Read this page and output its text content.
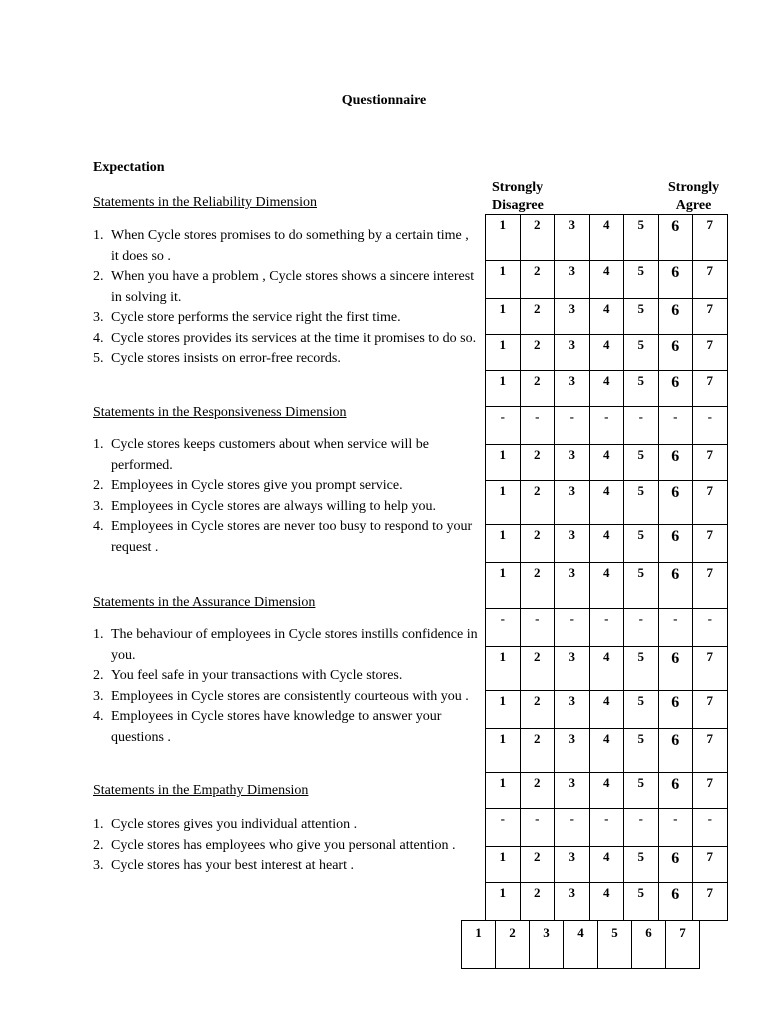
Questionnaire
Expectation
Statements in the Reliability Dimension
1. When Cycle stores promises to do something by a certain time , it does so .
2. When you have a problem , Cycle stores shows a sincere interest in solving it.
3. Cycle store performs the service right the first time.
4. Cycle stores provides its services at the time it promises to do so.
5. Cycle stores insists on error-free records.
Statements in the Responsiveness Dimension
1. Cycle stores keeps customers about when service will be performed.
2. Employees in Cycle stores give you prompt service.
3. Employees in Cycle stores are always willing to help you.
4. Employees in Cycle stores are never too busy to respond to your request .
Statements in the Assurance Dimension
1. The behaviour of employees in Cycle stores instills confidence in you.
2. You feel safe in your transactions with Cycle stores.
3. Employees in Cycle stores are consistently courteous with you .
4. Employees in Cycle stores have knowledge to answer your questions .
Statements in the Empathy Dimension
1. Cycle stores gives you individual attention .
2. Cycle stores has employees who give you personal attention .
3. Cycle stores has your best interest at heart .
Strongly
Disagree
Strongly
Agree
1	2	3	4	5	6	7
1	2	3	4	5	6	7
1	2	3	4	5	6	7
1	2	3	4	5	6	7
1	2	3	4	5	6	7
-	-	-	-	-	-	-
1	2	3	4	5	6	7
1	2	3	4	5	6	7
1	2	3	4	5	6	7
1	2	3	4	5	6	7
-	-	-	-	-	-	-
1	2	3	4	5	6	7
1	2	3	4	5	6	7
1	2	3	4	5	6	7
1	2	3	4	5	6	7
-	-	-	-	-	-	-
1	2	3	4	5	6	7
1	2	3	4	5	6	7
1	2	3	4	5	6	7
